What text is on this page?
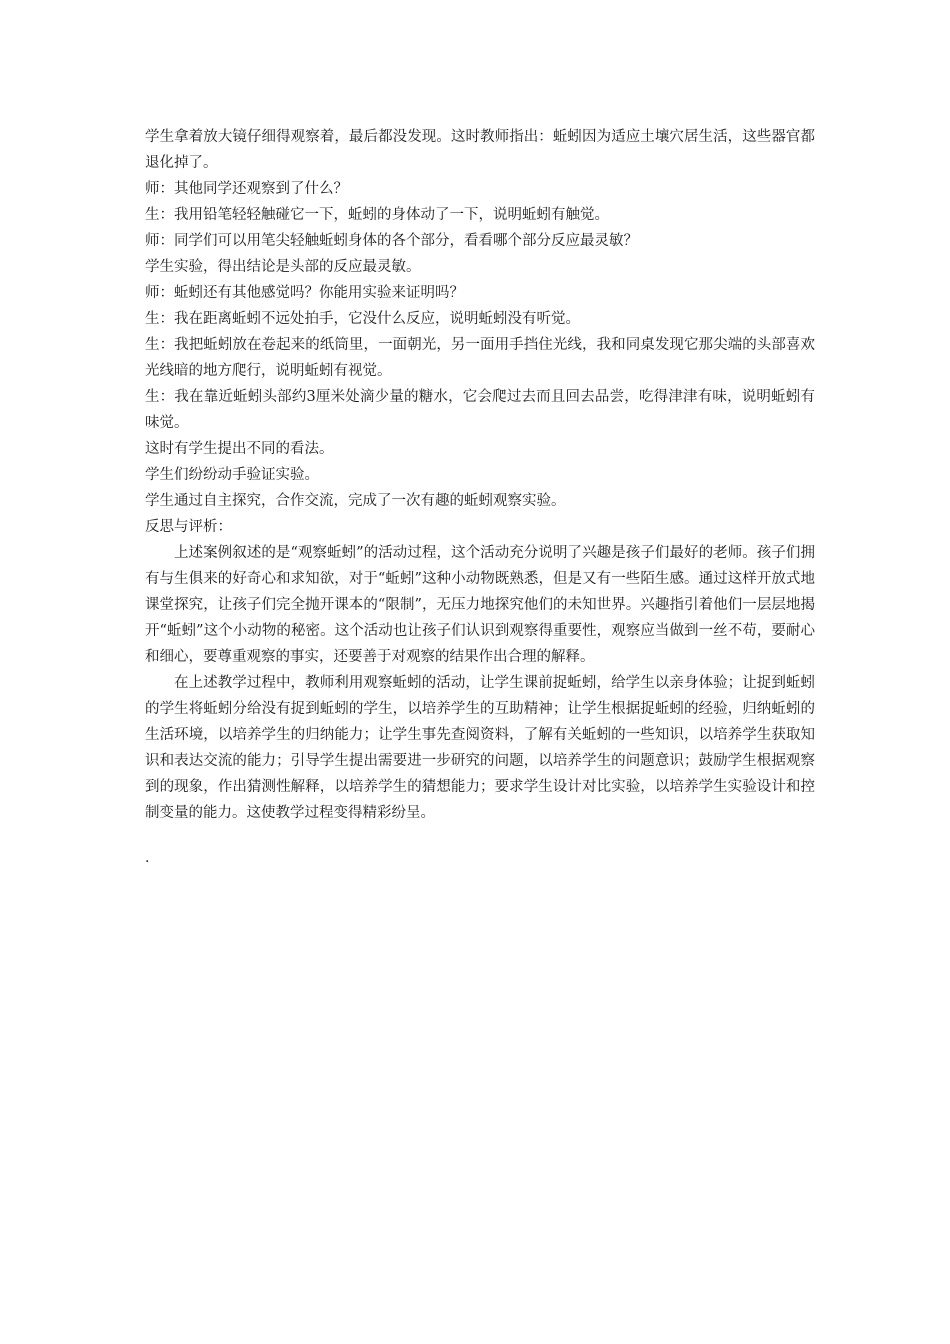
学生拿着放大镜仔细得观察着，最后都没发现。这时教师指出：蚯蚓因为适应土壤穴居生活，这些器官都退化掉了。

师：其他同学还观察到了什么？

生：我用铅笔轻轻触碰它一下，蚯蚓的身体动了一下，说明蚯蚓有触觉。

师：同学们可以用笔尖轻触蚯蚓身体的各个部分，看看哪个部分反应最灵敏？

学生实验，得出结论是头部的反应最灵敏。

师：蚯蚓还有其他感觉吗？你能用实验来证明吗？

生：我在距离蚯蚓不远处拍手，它没什么反应，说明蚯蚓没有听觉。

生：我把蚯蚓放在卷起来的纸筒里，一面朝光，另一面用手挡住光线，我和同桌发现它那尖端的头部喜欢光线暗的地方爬行，说明蚯蚓有视觉。

生：我在靠近蚯蚓头部约3厘米处滴少量的糖水，它会爬过去而且回去品尝，吃得津津有味，说明蚯蚓有味觉。

这时有学生提出不同的看法。

学生们纷纷动手验证实验。

学生通过自主探究，合作交流，完成了一次有趣的蚯蚓观察实验。

反思与评析：

上述案例叙述的是“观察蚯蚓”的活动过程，这个活动充分说明了兴趣是孩子们最好的老师。孩子们拥有与生俱来的好奇心和求知欲，对于“蚯蚓”这种小动物既熟悉，但是又有一些陌生感。通过这样开放式地课堂探究，让孩子们完全抛开课本的“限制”，无压力地探究他们的未知世界。兴趣指引着他们一层层地揭开“蚯蚓”这个小动物的秘密。这个活动也让孩子们认识到观察得重要性，观察应当做到一丝不苟，要耐心和细心，要尊重观察的事实，还要善于对观察的结果作出合理的解释。

在上述教学过程中，教师利用观察蚯蚓的活动，让学生课前捉蚯蚓，给学生以亲身体验；让捉到蚯蚓的学生将蚯蚓分给没有捉到蚯蚓的学生，以培养学生的互助精神；让学生根据捉蚯蚓的经验，归纳蚯蚓的生活环境，以培养学生的归纳能力；让学生事先查阅资料，了解有关蚯蚓的一些知识，以培养学生获取知识和表达交流的能力；引导学生提出需要进一步研究的问题，以培养学生的问题意识；鼓励学生根据观察到的现象，作出猜测性解释，以培养学生的猜想能力；要求学生设计对比实验，以培养学生实验设计和控制变量的能力。这使教学过程变得精彩纷呈。

.
